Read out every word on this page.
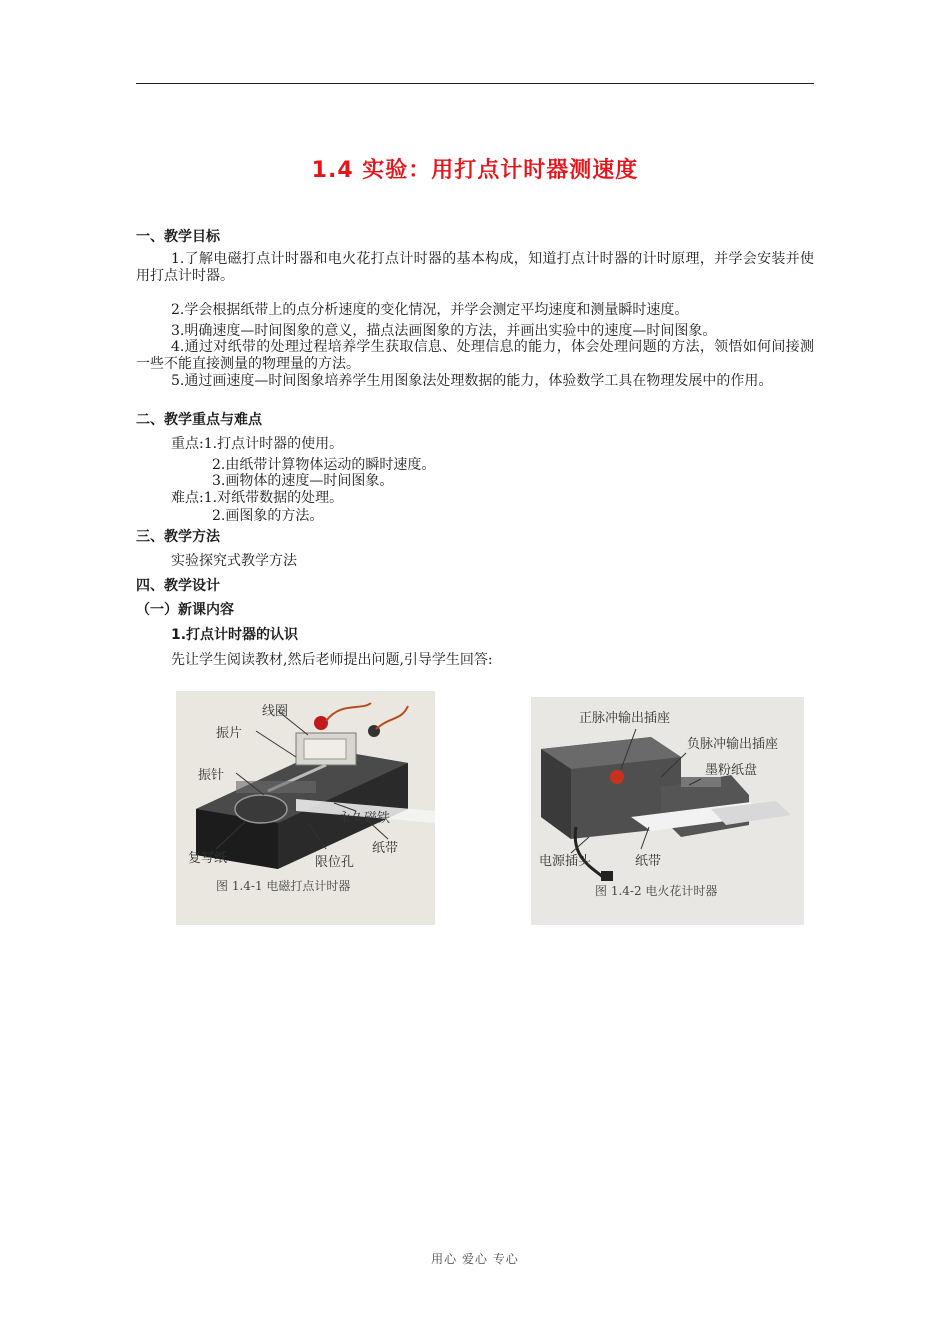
1.4 实验：用打点计时器测速度
一、教学目标
1.了解电磁打点计时器和电火花打点计时器的基本构成，知道打点计时器的计时原理，并学会安装并使用打点计时器。
2.学会根据纸带上的点分析速度的变化情况，并学会测定平均速度和测量瞬时速度。
3.明确速度—时间图象的意义，描点法画图象的方法，并画出实验中的速度—时间图象。
4.通过对纸带的处理过程培养学生获取信息、处理信息的能力，体会处理问题的方法，领悟如何间接测一些不能直接测量的物理量的方法。
5.通过画速度—时间图象培养学生用图象法处理数据的能力，体验数学工具在物理发展中的作用。
二、教学重点与难点
重点:1.打点计时器的使用。
2.由纸带计算物体运动的瞬时速度。
3.画物体的速度—时间图象。
难点:1.对纸带数据的处理。
2.画图象的方法。
三、教学方法
实验探究式教学方法
四、教学设计
（一）新课内容
1.打点计时器的认识
先让学生阅读教材,然后老师提出问题,引导学生回答:
线圈
振片
振针
永久磁铁
纸带
复写纸	限位孔
图 1.4-1 电磁打点计时器
正脉冲输出插座
负脉冲输出插座
墨粉纸盘
电源插头	纸带
图 1.4-2 电火花计时器
用心 爱心 专心
